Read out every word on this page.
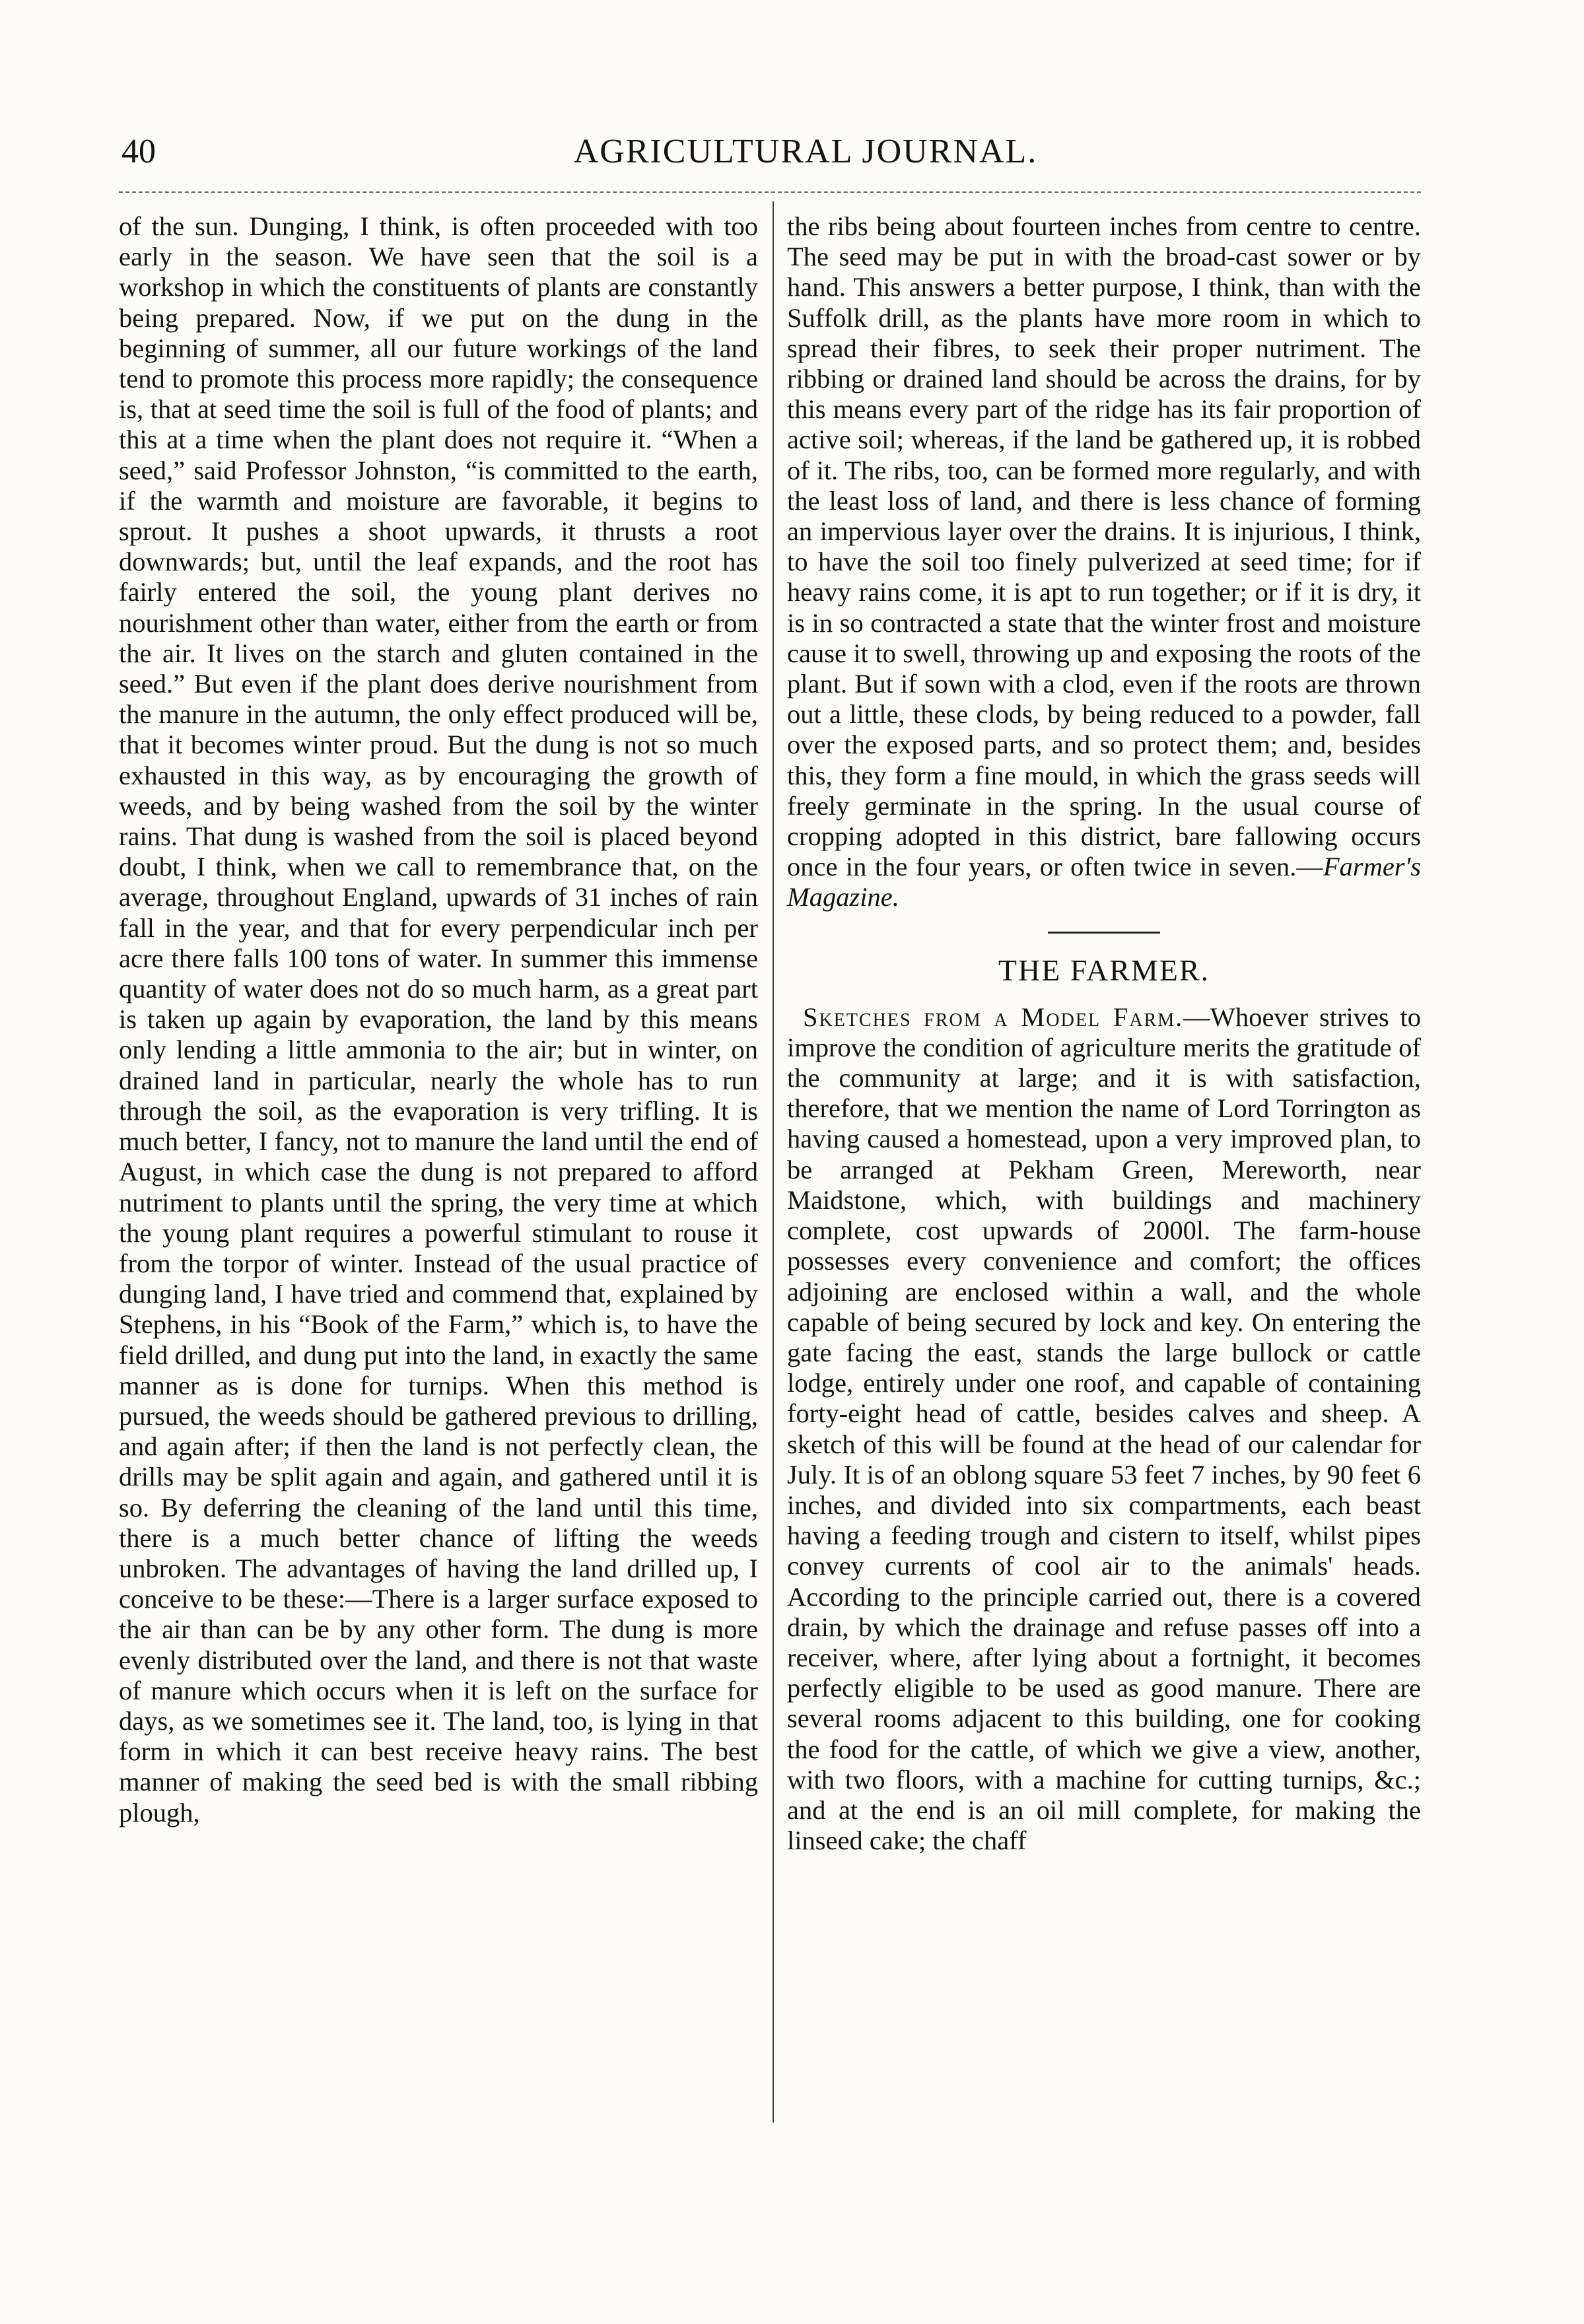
40	AGRICULTURAL JOURNAL.

of the sun. Dunging, I think, is often proceeded with too early in the season. We have seen that the soil is a workshop in which the constituents of plants are constantly being prepared. Now, if we put on the dung in the beginning of summer, all our future workings of the land tend to promote this process more rapidly; the consequence is, that at seed time the soil is full of the food of plants; and this at a time when the plant does not require it. “When a seed,” said Professor Johnston, “is committed to the earth, if the warmth and moisture are favorable, it begins to sprout. It pushes a shoot upwards, it thrusts a root downwards; but, until the leaf expands, and the root has fairly entered the soil, the young plant derives no nourishment other than water, either from the earth or from the air. It lives on the starch and gluten contained in the seed.” But even if the plant does derive nourishment from the manure in the autumn, the only effect produced will be, that it becomes winter proud. But the dung is not so much exhausted in this way, as by encouraging the growth of weeds, and by being washed from the soil by the winter rains. That dung is washed from the soil is placed beyond doubt, I think, when we call to remembrance that, on the average, throughout England, upwards of 31 inches of rain fall in the year, and that for every perpendicular inch per acre there falls 100 tons of water. In summer this immense quantity of water does not do so much harm, as a great part is taken up again by evaporation, the land by this means only lending a little ammonia to the air; but in winter, on drained land in particular, nearly the whole has to run through the soil, as the evaporation is very trifling. It is much better, I fancy, not to manure the land until the end of August, in which case the dung is not prepared to afford nutriment to plants until the spring, the very time at which the young plant requires a powerful stimulant to rouse it from the torpor of winter. Instead of the usual practice of dunging land, I have tried and commend that, explained by Stephens, in his “Book of the Farm,” which is, to have the field drilled, and dung put into the land, in exactly the same manner as is done for turnips. When this method is pursued, the weeds should be gathered previous to drilling, and again after; if then the land is not perfectly clean, the drills may be split again and again, and gathered until it is so. By deferring the cleaning of the land until this time, there is a much better chance of lifting the weeds unbroken. The advantages of having the land drilled up, I conceive to be these:—There is a larger surface exposed to the air than can be by any other form. The dung is more evenly distributed over the land, and there is not that waste of manure which occurs when it is left on the surface for days, as we sometimes see it. The land, too, is lying in that form in which it can best receive heavy rains. The best manner of making the seed bed is with the small ribbing plough,

the ribs being about fourteen inches from centre to centre. The seed may be put in with the broad-cast sower or by hand. This answers a better purpose, I think, than with the Suffolk drill, as the plants have more room in which to spread their fibres, to seek their proper nutriment. The ribbing or drained land should be across the drains, for by this means every part of the ridge has its fair proportion of active soil; whereas, if the land be gathered up, it is robbed of it. The ribs, too, can be formed more regularly, and with the least loss of land, and there is less chance of forming an impervious layer over the drains. It is injurious, I think, to have the soil too finely pulverized at seed time; for if heavy rains come, it is apt to run together; or if it is dry, it is in so contracted a state that the winter frost and moisture cause it to swell, throwing up and exposing the roots of the plant. But if sown with a clod, even if the roots are thrown out a little, these clods, by being reduced to a powder, fall over the exposed parts, and so protect them; and, besides this, they form a fine mould, in which the grass seeds will freely germinate in the spring. In the usual course of cropping adopted in this district, bare fallowing occurs once in the four years, or often twice in seven.—Farmer's Magazine.

THE FARMER.

Sketches from a Model Farm.—Whoever strives to improve the condition of agriculture merits the gratitude of the community at large; and it is with satisfaction, therefore, that we mention the name of Lord Torrington as having caused a homestead, upon a very improved plan, to be arranged at Pekham Green, Mereworth, near Maidstone, which, with buildings and machinery complete, cost upwards of 2000l. The farm-house possesses every convenience and comfort; the offices adjoining are enclosed within a wall, and the whole capable of being secured by lock and key. On entering the gate facing the east, stands the large bullock or cattle lodge, entirely under one roof, and capable of containing forty-eight head of cattle, besides calves and sheep. A sketch of this will be found at the head of our calendar for July. It is of an oblong square 53 feet 7 inches, by 90 feet 6 inches, and divided into six compartments, each beast having a feeding trough and cistern to itself, whilst pipes convey currents of cool air to the animals' heads. According to the principle carried out, there is a covered drain, by which the drainage and refuse passes off into a receiver, where, after lying about a fortnight, it becomes perfectly eligible to be used as good manure. There are several rooms adjacent to this building, one for cooking the food for the cattle, of which we give a view, another, with two floors, with a machine for cutting turnips, &c.; and at the end is an oil mill complete, for making the linseed cake; the chaff
